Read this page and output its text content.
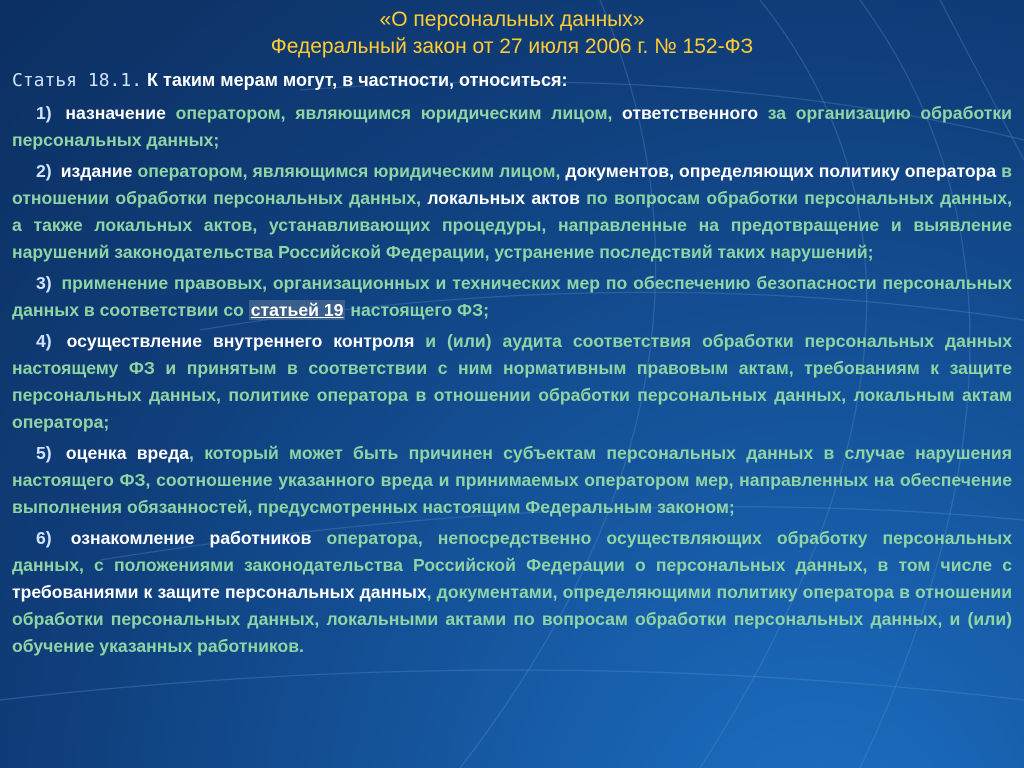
«О персональных данных»
Федеральный закон от 27 июля 2006 г. № 152-ФЗ
Статья 18.1. К таким мерам могут, в частности, относиться:

1) назначение оператором, являющимся юридическим лицом, ответственного за организацию обработки персональных данных;

2) издание оператором, являющимся юридическим лицом, документов, определяющих политику оператора в отношении обработки персональных данных, локальных актов по вопросам обработки персональных данных, а также локальных актов, устанавливающих процедуры, направленные на предотвращение и выявление нарушений законодательства Российской Федерации, устранение последствий таких нарушений;

3) применение правовых, организационных и технических мер по обеспечению безопасности персональных данных в соответствии со статьей 19 настоящего ФЗ;

4) осуществление внутреннего контроля и (или) аудита соответствия обработки персональных данных настоящему ФЗ и принятым в соответствии с ним нормативным правовым актам, требованиям к защите персональных данных, политике оператора в отношении обработки персональных данных, локальным актам оператора;

5) оценка вреда, который может быть причинен субъектам персональных данных в случае нарушения настоящего ФЗ, соотношение указанного вреда и принимаемых оператором мер, направленных на обеспечение выполнения обязанностей, предусмотренных настоящим Федеральным законом;

6) ознакомление работников оператора, непосредственно осуществляющих обработку персональных данных, с положениями законодательства Российской Федерации о персональных данных, в том числе с требованиями к защите персональных данных, документами, определяющими политику оператора в отношении обработки персональных данных, локальными актами по вопросам обработки персональных данных, и (или) обучение указанных работников.
